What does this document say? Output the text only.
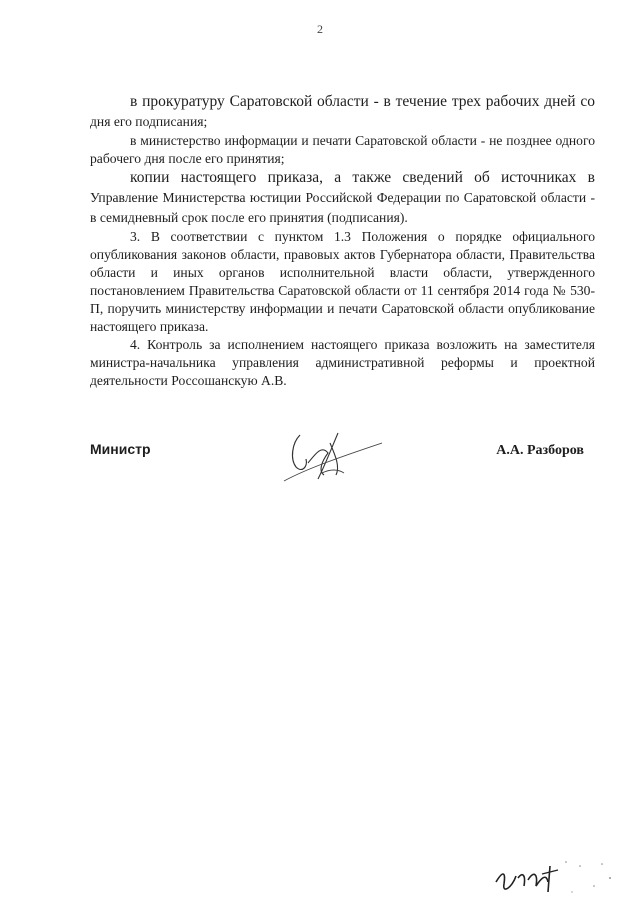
2

в прокуратуру Саратовской области - в течение трех рабочих дней со дня его подписания;

в министерство информации и печати Саратовской области - не позднее одного рабочего дня после его принятия;

копии настоящего приказа, а также сведений об источниках в Управление Министерства юстиции Российской Федерации по Саратовской области - в семидневный срок после его принятия (подписания).

3. В соответствии с пунктом 1.3 Положения о порядке официального опубликования законов области, правовых актов Губернатора области, Правительства области и иных органов исполнительной власти области, утвержденного постановлением Правительства Саратовской области от 11 сентября 2014 года № 530-П, поручить министерству информации и печати Саратовской области опубликование настоящего приказа.

4. Контроль за исполнением настоящего приказа возложить на заместителя министра-начальника управления административной реформы и проектной деятельности Россошанскую А.В.

Министр	А.А. Разборов
